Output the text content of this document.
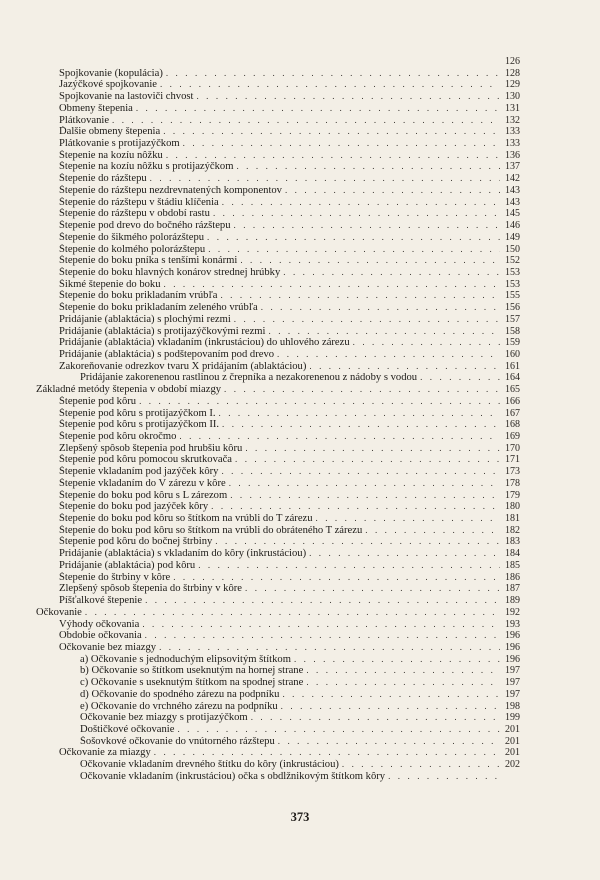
126
Spojkovanie (kopulácia) . . .	128
Jazýčkové spojkovanie . . .	129
Spojkovanie na lastoviči chvost . . .	130
Obmeny štepenia . . .	131
Plátkovanie . . .	132
Ďalšie obmeny štepenia . . .	133
Plátkovanie s protijazýčkom . . .	133
Štepenie na kozíu nôžku . . .	136
Štepenie na kozíu nôžku s protijazýčkom . . .	137
Štepenie do rázštepu . . .	142
Štepenie do rázštepu nezdrevnatených komponentov . . .	143
Štepenie do rázštepu v štádiu klíčenia . . .	143
Štepenie do rázštepu v období rastu . . .	145
Štepenie pod drevo do bočného rázštepu . . .	146
Štepenie do šikmého polorázštepu . . .	149
Štepenie do kolmého polorázštepu . . .	150
Štepenie do boku pníka s tenšími konármi . . .	152
Štepenie do boku hlavných konárov strednej hrúbky . . .	153
Šikmé štepenie do boku . . .	153
Štepenie do boku prikladaním vrúbľa . . .	155
Štepenie do boku prikladaním zeleného vrúbľa . . .	156
Pridájanie (ablaktácia) s plochými rezmi . . .	157
Pridájanie (ablaktácia) s protijazýčkovými rezmi . . .	158
Pridájanie (ablaktácia) vkladaním (inkrustáciou) do uhlového zárezu . . .	159
Pridájanie (ablaktácia) s podštepovaním pod drevo . . .	160
Zakoreňovanie odrezkov tvaru X pridájaním (ablaktáciou) . . .	161
Pridájanie zakorenenou rastlinou z črepníka a nezakorenenou z nádoby s vodou . . .	164
Základné metódy štepenia v období miazgy . . .	165
Štepenie pod kôru . . .	166
Štepenie pod kôru s protijazýčkom I. . . .	167
Štepenie pod kôru s protijazýčkom II. . . .	168
Štepenie pod kôru okročmo . . .	169
Zlepšený spôsob štepenia pod hrubšiu kôru . . .	170
Štepenie pod kôru pomocou skrutkovača . . .	171
Štepenie vkladaním pod jazýček kôry . . .	173
Štepenie vkladaním do V zárezu v kôre . . .	178
Štepenie do boku pod kôru s L zárezom . . .	179
Štepenie do boku pod jazýček kôry . . .	180
Štepenie do boku pod kôru so štítkom na vrúbli do T zárezu . . .	181
Štepenie do boku pod kôru so štítkom na vrúbli do obráteného T zárezu . . .	182
Štepenie pod kôru do bočnej štrbiny . . .	183
Pridájanie (ablaktácia) s vkladaním do kôry (inkrustáciou) . . .	184
Pridájanie (ablaktácia) pod kôru . . .	185
Štepenie do štrbiny v kôre . . .	186
Zlepšený spôsob štepenia do štrbiny v kôre . . .	187
Píšťalkové štepenie . . .	189
Očkovanie . . .	192
Výhody očkovania . . .	193
Obdobie očkovania . . .	196
Očkovanie bez miazgy . . .	196
a) Očkovanie s jednoduchým elipsovitým štítkom . . .	196
b) Očkovanie so štítkom useknutým na hornej strane . . .	197
c) Očkovanie s useknutým štítkom na spodnej strane . . .	197
d) Očkovanie do spodného zárezu na podpníku . . .	197
e) Očkovanie do vrchného zárezu na podpníku . . .	198
Očkovanie bez miazgy s protijazýčkom . . .	199
Doštičkové očkovanie . . .	201
Šošovkové očkovanie do vnútorného rázštepu . . .	201
Očkovanie za miazgy . . .	201
Očkovanie vkladaním drevného štítku do kôry (inkrustáciou) . . .	202
Očkovanie vkladaním (inkrustáciou) očka s obdĺžnikovým štítkom kôry
. . .
373
